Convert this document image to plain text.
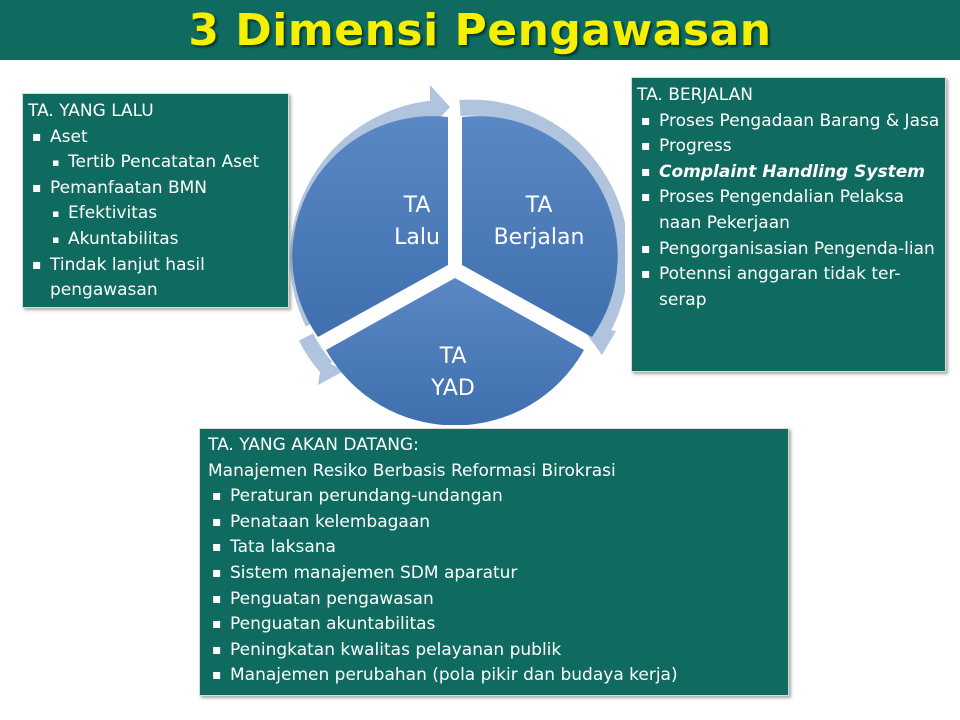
3 Dimensi Pengawasan
TA
Lalu
TA
Berjalan
TA
YAD
TA. YANG LALU
▪ Aset
▪ Tertib Pencatatan Aset
▪ Pemanfaatan BMN
▪ Efektivitas
▪ Akuntabilitas
▪ Tindak lanjut hasil pengawasan
TA. BERJALAN
▪ Proses Pengadaan Barang & Jasa
▪ Progress
▪ Complaint Handling System
▪ Proses Pengendalian Pelaksa naan Pekerjaan
▪ Pengorganisasian Pengenda-lian
▪ Potennsi anggaran tidak ter-serap
TA. YANG AKAN DATANG:
Manajemen Resiko Berbasis Reformasi Birokrasi
▪ Peraturan perundang-undangan
▪ Penataan kelembagaan
▪ Tata laksana
▪ Sistem manajemen SDM aparatur
▪ Penguatan pengawasan
▪ Penguatan akuntabilitas
▪ Peningkatan kwalitas pelayanan publik
▪ Manajemen perubahan (pola pikir dan budaya kerja)
